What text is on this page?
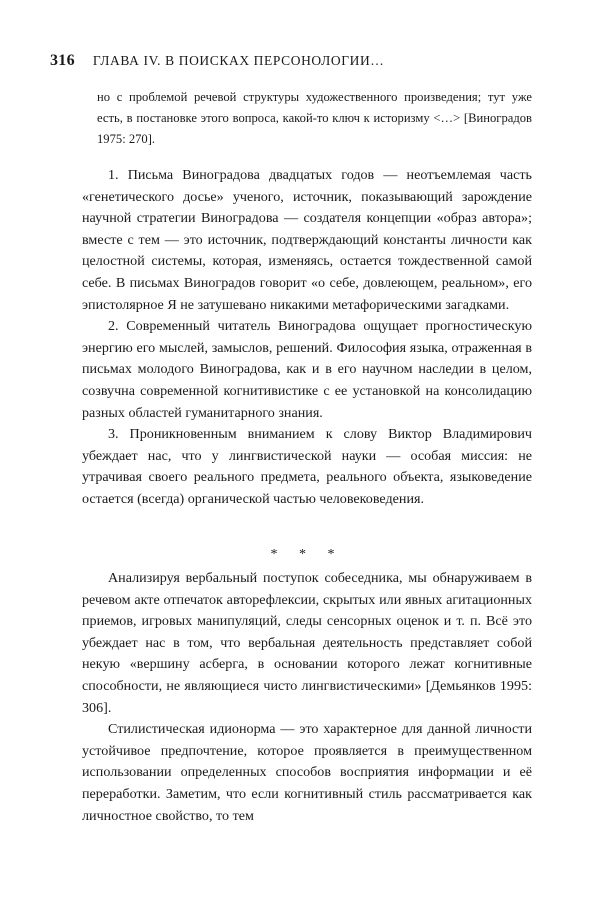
316 ГЛАВА IV. В ПОИСКАХ ПЕРСОНОЛОГИИ…
но с проблемой речевой структуры художественного произведения; тут уже есть, в постановке этого вопроса, какой-то ключ к историзму <…> [Виноградов 1975: 270].

1. Письма Виноградова двадцатых годов — неотъемлемая часть «генетического досье» ученого, источник, показывающий зарождение научной стратегии Виноградова — создателя концепции «образ автора»; вместе с тем — это источник, подтверждающий константы личности как целостной системы, которая, изменяясь, остается тождественной самой себе. В письмах Виноградов говорит «о себе, довлеющем, реальном», его эпистолярное Я не затушевано никакими метафорическими загадками.

2. Современный читатель Виноградова ощущает прогностическую энергию его мыслей, замыслов, решений. Философия языка, отраженная в письмах молодого Виноградова, как и в его научном наследии в целом, созвучна современной когнитивистике с ее установкой на консолидацию разных областей гуманитарного знания.

3. Проникновенным вниманием к слову Виктор Владимирович убеждает нас, что у лингвистической науки — особая миссия: не утрачивая своего реального предмета, реального объекта, языковедение остается (всегда) органической частью человековедения.

* * *

Анализируя вербальный поступок собеседника, мы обнаруживаем в речевом акте отпечаток авторефлексии, скрытых или явных агитационных приемов, игровых манипуляций, следы сенсорных оценок и т. п. Всё это убеждает нас в том, что вербальная деятельность представляет собой некую «вершину асберга, в основании которого лежат когнитивные способности, не являющиеся чисто лингвистическими» [Демьянков 1995: 306].

Стилистическая идионорма — это характерное для данной личности устойчивое предпочтение, которое проявляется в преимущественном использовании определенных способов восприятия информации и её переработки. Заметим, что если когнитивный стиль рассматривается как личностное свойство, то тем
